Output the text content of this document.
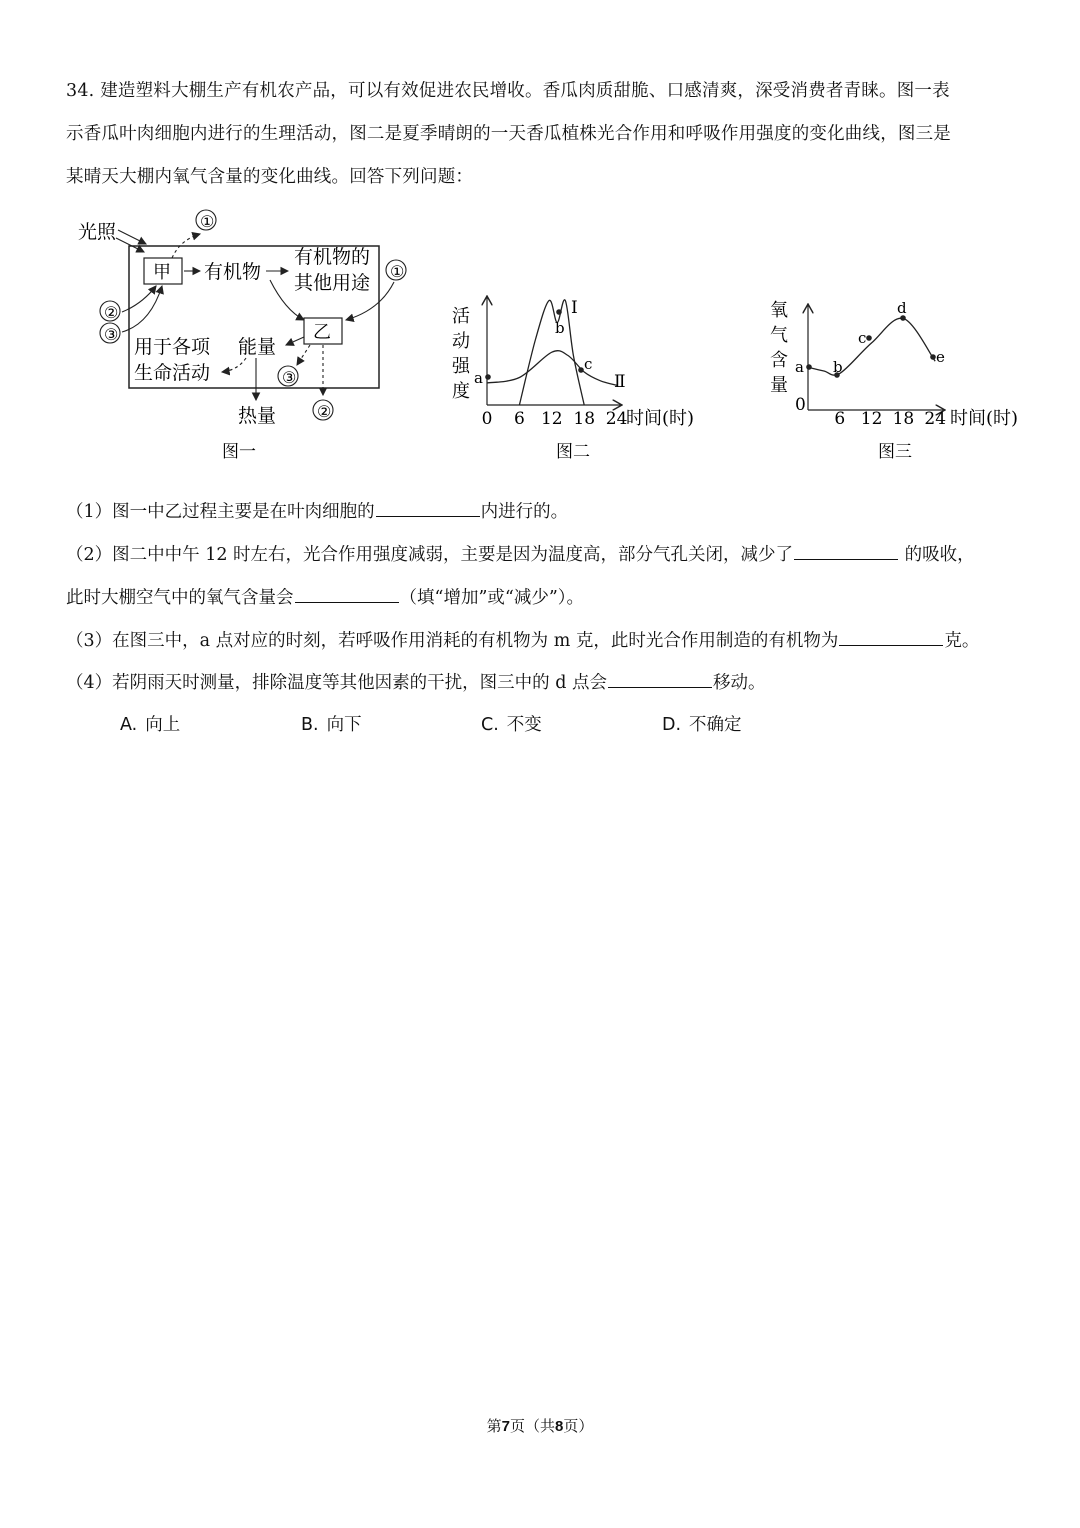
34. 建造塑料大棚生产有机农产品，可以有效促进农民增收。香瓜肉质甜脆、口感清爽，深受消费者青睐。图一表
示香瓜叶肉细胞内进行的生理活动，图二是夏季晴朗的一天香瓜植株光合作用和呼吸作用强度的变化曲线，图三是
某晴天大棚内氧气含量的变化曲线。回答下列问题：
光照
甲
①
有机物
有机物的
其他用途
①
乙
能量
用于各项
生命活动
热量
③
②
②
③
图一
活
动
强
度
0 6 12 18 24
时间(时)
a
b
c
Ⅰ
Ⅱ
图二
氧
气
含
量
0
6 12 18 24 时间(时)
a b
c
d
e
图三
（1）图一中乙过程主要是在叶肉细胞的	内进行的。
（2）图二中中午 12 时左右，光合作用强度减弱，主要是因为温度高，部分气孔关闭，减少了	的吸收，
此时大棚空气中的氧气含量会	（填“增加”或“减少”）。
（3）在图三中，a 点对应的时刻，若呼吸作用消耗的有机物为 m 克，此时光合作用制造的有机物为	克。
（4）若阴雨天时测量，排除温度等其他因素的干扰，图三中的 d 点会	移动。
A. 向上	B. 向下	C. 不变	D. 不确定
第7页（共8页）
